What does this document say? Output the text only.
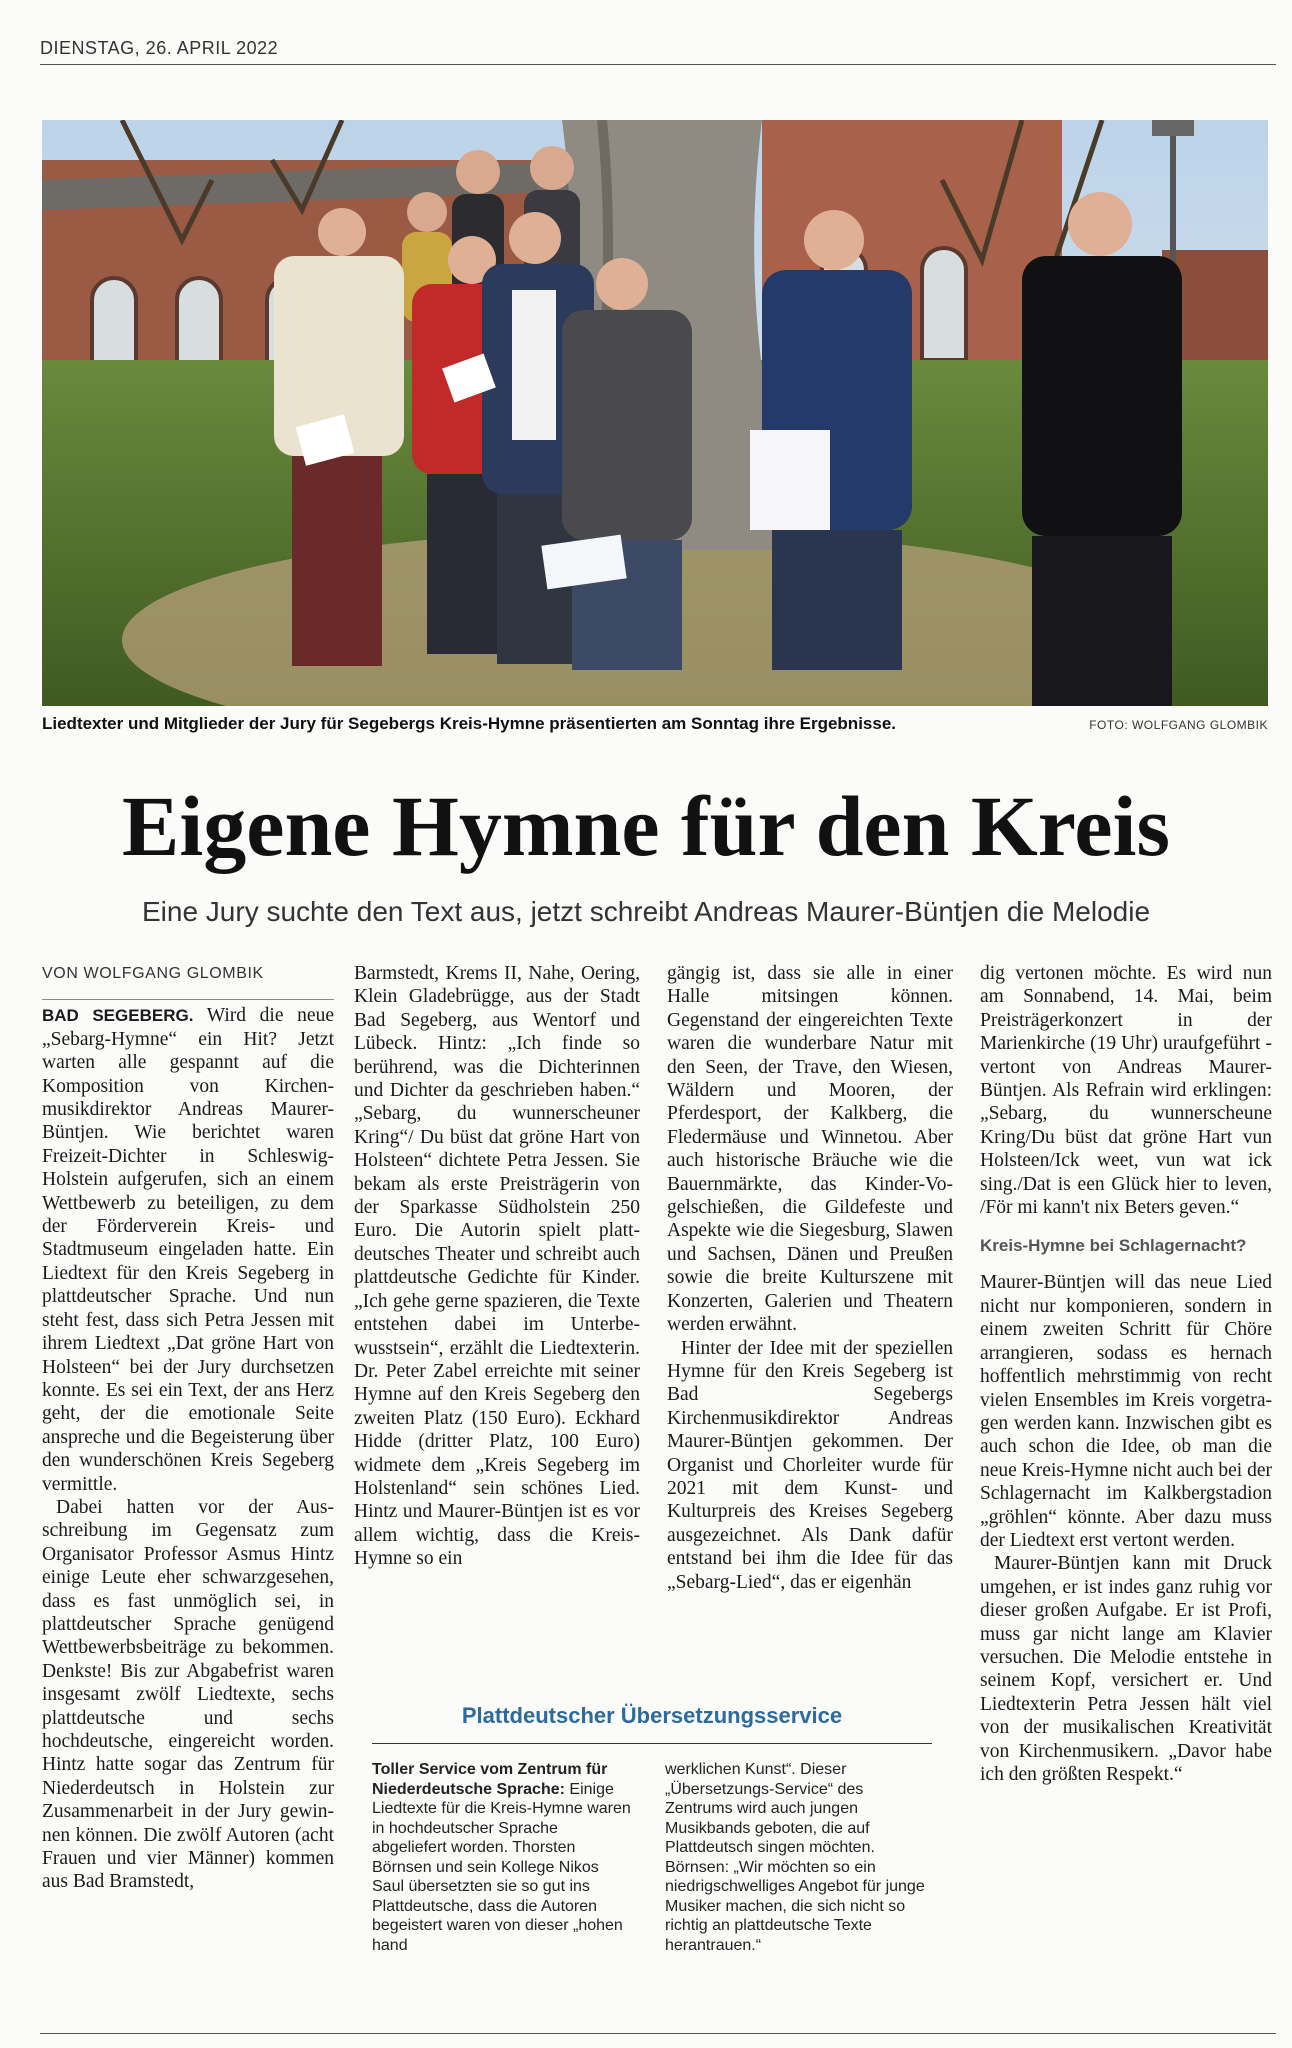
DIENSTAG, 26. APRIL 2022
Liedtexter und Mitglieder der Jury für Segebergs Kreis-Hymne präsentierten am Sonntag ihre Ergebnisse.	FOTO: WOLFGANG GLOMBIK
Eigene Hymne für den Kreis
Eine Jury suchte den Text aus, jetzt schreibt Andreas Maurer-Büntjen die Melodie
VON WOLFGANG GLOMBIK

BAD SEGEBERG. Wird die neue „Sebarg-Hymne“ ein Hit? Jetzt warten alle gespannt auf die Komposition von Kirchenmusikdirektor Andreas Maurer-Büntjen. Wie berichtet waren Freizeit-Dichter in Schleswig-Holstein aufgerufen, sich an einem Wettbewerb zu beteiligen, zu dem der Förderverein Kreis- und Stadtmuseum eingeladen hatte. Ein Liedtext für den Kreis Segeberg in plattdeutscher Sprache. Und nun steht fest, dass sich Petra Jessen mit ihrem Liedtext „Dat gröne Hart von Holsteen“ bei der Jury durchsetzen konnte. Es sei ein Text, der ans Herz geht, der die emotionale Seite anspreche und die Begeisterung über den wunderschönen Kreis Segeberg vermittle.

Dabei hatten vor der Ausschreibung im Gegensatz zum Organisator Professor Asmus Hintz einige Leute eher schwarzgesehen, dass es fast unmöglich sei, in plattdeutscher Sprache genügend Wettbewerbsbeiträge zu bekommen. Denkste! Bis zur Abgabefrist waren insgesamt zwölf Liedtexte, sechs plattdeutsche und sechs hochdeutsche, eingereicht worden. Hintz hatte sogar das Zentrum für Niederdeutsch in Holstein zur Zusammenarbeit in der Jury gewinnen können. Die zwölf Autoren (acht Frauen und vier Männer) kommen aus Bad Bramstedt,

Barmstedt, Krems II, Nahe, Oering, Klein Gladebrügge, aus der Stadt Bad Segeberg, aus Wentorf und Lübeck. Hintz: „Ich finde so berührend, was die Dichterinnen und Dichter da geschrieben haben.“ „Sebarg, du wunnerscheuner Kring“/ Du büst dat gröne Hart von Holsteen“ dichtete Petra Jessen. Sie bekam als erste Preisträgerin von der Sparkasse Südholstein 250 Euro. Die Autorin spielt plattdeutsches Theater und schreibt auch plattdeutsche Gedichte für Kinder. „Ich gehe gerne spazieren, die Texte entstehen dabei im Unterbewusstsein“, erzählt die Liedtexterin. Dr. Peter Zabel erreichte mit seiner Hymne auf den Kreis Segeberg den zweiten Platz (150 Euro). Eckhard Hidde (dritter Platz, 100 Euro) widmete dem „Kreis Segeberg im Holstenland“ sein schönes Lied. Hintz und Maurer-Büntjen ist es vor allem wichtig, dass die Kreis-Hymne so ein

gängig ist, dass sie alle in einer Halle mitsingen können. Gegenstand der eingereichten Texte waren die wunderbare Natur mit den Seen, der Trave, den Wiesen, Wäldern und Mooren, der Pferdesport, der Kalkberg, die Fledermäuse und Winnetou. Aber auch historische Bräuche wie die Bauernmärkte, das Kinder-Vogelschießen, die Gildefeste und Aspekte wie die Siegesburg, Slawen und Sachsen, Dänen und Preußen sowie die breite Kulturszene mit Konzerten, Galerien und Theatern werden erwähnt.

Hinter der Idee mit der speziellen Hymne für den Kreis Segeberg ist Bad Segebergs Kirchenmusikdirektor Andreas Maurer-Büntjen gekommen. Der Organist und Chorleiter wurde für 2021 mit dem Kunst- und Kulturpreis des Kreises Segeberg ausgezeichnet. Als Dank dafür entstand bei ihm die Idee für das „Sebarg-Lied“, das er eigenhän

dig vertonen möchte. Es wird nun am Sonnabend, 14. Mai, beim Preisträgerkonzert in der Marienkirche (19 Uhr) uraufgeführt - vertont von Andreas Maurer-Büntjen. Als Refrain wird erklingen: „Sebarg, du wunnerscheune Kring/Du büst dat gröne Hart vun Holsteen/Ick weet, vun wat ick sing./Dat is een Glück hier to leven, /För mi kann't nix Beters geven.“

Kreis-Hymne bei Schlagernacht?

Maurer-Büntjen will das neue Lied nicht nur komponieren, sondern in einem zweiten Schritt für Chöre arrangieren, sodass es hernach hoffentlich mehrstimmig von recht vielen Ensembles im Kreis vorgetragen werden kann. Inzwischen gibt es auch schon die Idee, ob man die neue Kreis-Hymne nicht auch bei der Schlagernacht im Kalkbergstadion „gröhlen“ könnte. Aber dazu muss der Liedtext erst vertont werden.

Maurer-Büntjen kann mit Druck umgehen, er ist indes ganz ruhig vor dieser großen Aufgabe. Er ist Profi, muss gar nicht lange am Klavier versuchen. Die Melodie entstehe in seinem Kopf, versichert er. Und Liedtexterin Petra Jessen hält viel von der musikalischen Kreativität von Kirchenmusikern. „Davor habe ich den größten Respekt.“

Plattdeutscher Übersetzungsservice
Toller Service vom Zentrum für Niederdeutsche Sprache: Einige Liedtexte für die Kreis-Hymne waren in hochdeutscher Sprache abgeliefert worden. Thorsten Börnsen und sein Kollege Nikos Saul übersetzten sie so gut ins Plattdeutsche, dass die Autoren begeistert waren von dieser „hohen hand
werklichen Kunst“. Dieser „Übersetzungs-Service“ des Zentrums wird auch jungen Musikbands geboten, die auf Plattdeutsch singen möchten. Börnsen: „Wir möchten so ein niedrigschwelliges Angebot für junge Musiker machen, die sich nicht so richtig an plattdeutsche Texte herantrauen.“
